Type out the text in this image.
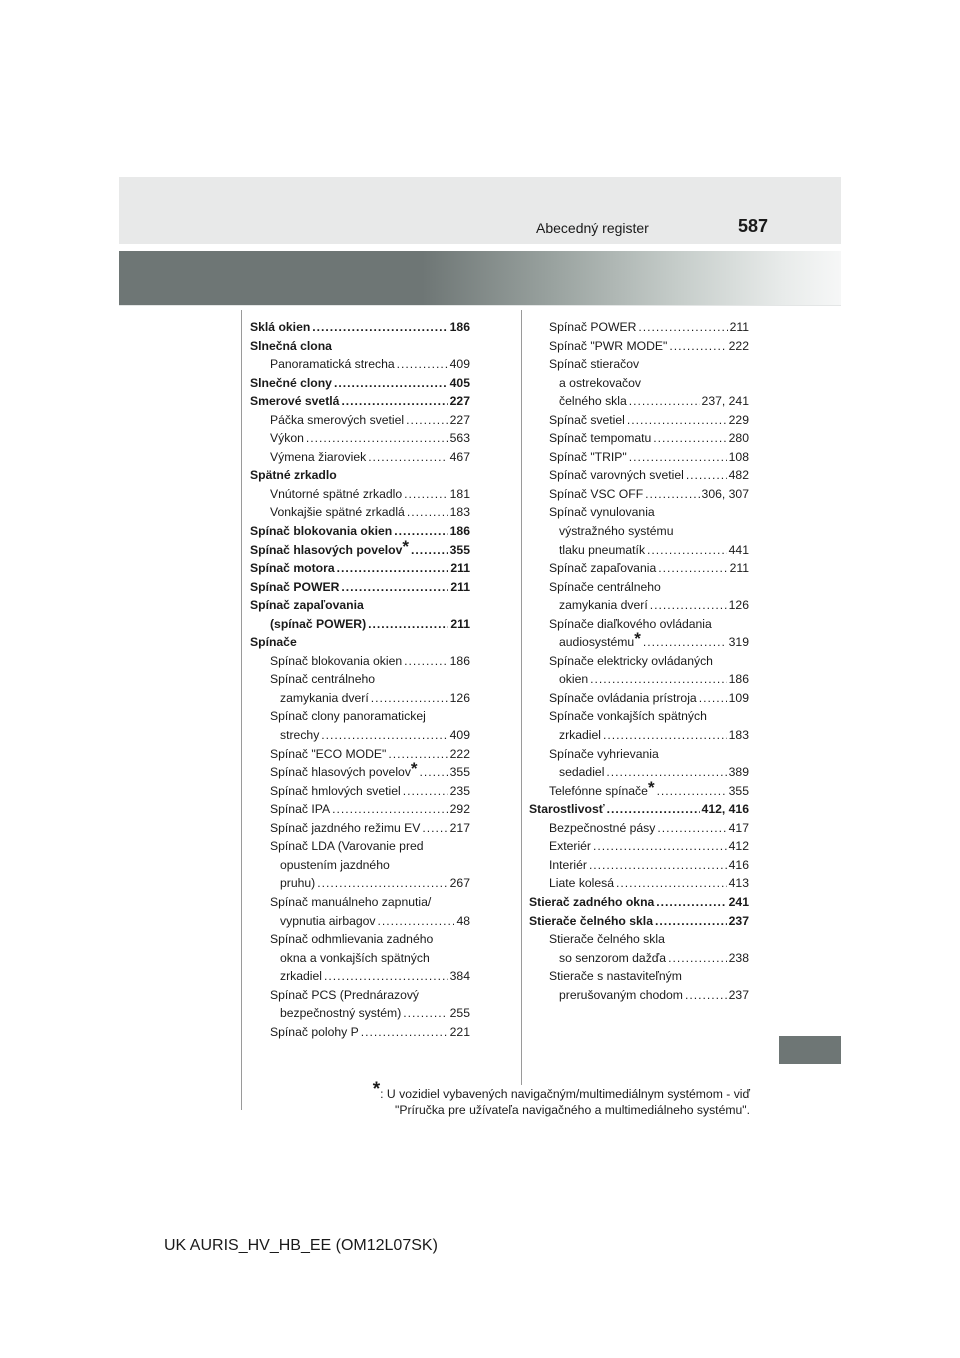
Abecedný register	587
Sklá okien . . .	186
Slnečná clona
Panoramatická strecha . . .	409
Slnečné clony . . .	405
Smerové svetlá . . .	227
Páčka smerových svetiel . . .	227
Výkon . . .	563
Výmena žiaroviek . . .	467
Spätné zrkadlo
Vnútorné spätné zrkadlo . . .	181
Vonkajšie spätné zrkadlá . . .	183
Spínač blokovania okien . . .	186
Spínač hlasových povelov * . . .	355
Spínač motora . . .	211
Spínač POWER . . .	211
Spínač zapaľovania
(spínač POWER) . . .	211
Spínače
Spínač blokovania okien . . .	186
Spínač centrálneho
zamykania dverí . . .	126
Spínač clony panoramatickej
strechy . . .	409
Spínač "ECO MODE" . . .	222
Spínač hlasových povelov * . . .	355
Spínač hmlových svetiel . . .	235
Spínač IPA . . .	292
Spínač jazdného režimu EV . . . 217
Spínač LDA (Varovanie pred
opustením jazdného
pruhu) . . .	267
Spínač manuálneho zapnutia/
vypnutia airbagov . . .	48
Spínač odhmlievania zadného
okna a vonkajších spätných
zrkadiel . . .	384
Spínač PCS (Prednárazový
bezpečnostný systém) . . .	255
Spínač polohy P . . .	221
Spínač POWER . . .	211
Spínač "PWR MODE" . . .	222
Spínač stieračov
a ostrekovačov
čelného skla . . .	237, 241
Spínač svetiel . . .	229
Spínač tempomatu . . .	280
Spínač "TRIP" . . .	108
Spínač varovných svetiel . . .	482
Spínač VSC OFF . . .	306, 307
Spínač vynulovania
výstražného systému
tlaku pneumatík . . .	441
Spínač zapaľovania . . .	211
Spínače centrálneho
zamykania dverí . . .	126
Spínače diaľkového ovládania
audiosystému * . . .	319
Spínače elektricky ovládaných
okien . . .	186
Spínače ovládania prístroja . . .	109
Spínače vonkajších spätných
zrkadiel . . .	183
Spínače vyhrievania
sedadiel . . .	389
Telefónne spínače * . . .	355
Starostlivosť . . .	412, 416
Bezpečnostné pásy . . .	417
Exteriér . . .	412
Interiér . . .	416
Liate kolesá . . .	413
Stierač zadného okna . . .	241
Stierače čelného skla . . .	237
Stierače čelného skla
so senzorom dažďa . . .	238
Stierače s nastaviteľným
prerušovaným chodom . . .	237
*: U vozidiel vybavených navigačným/multimediálnym systémom - viď
"Príručka pre užívateľa navigačného a multimediálneho systému".
UK AURIS_HV_HB_EE (OM12L07SK)
